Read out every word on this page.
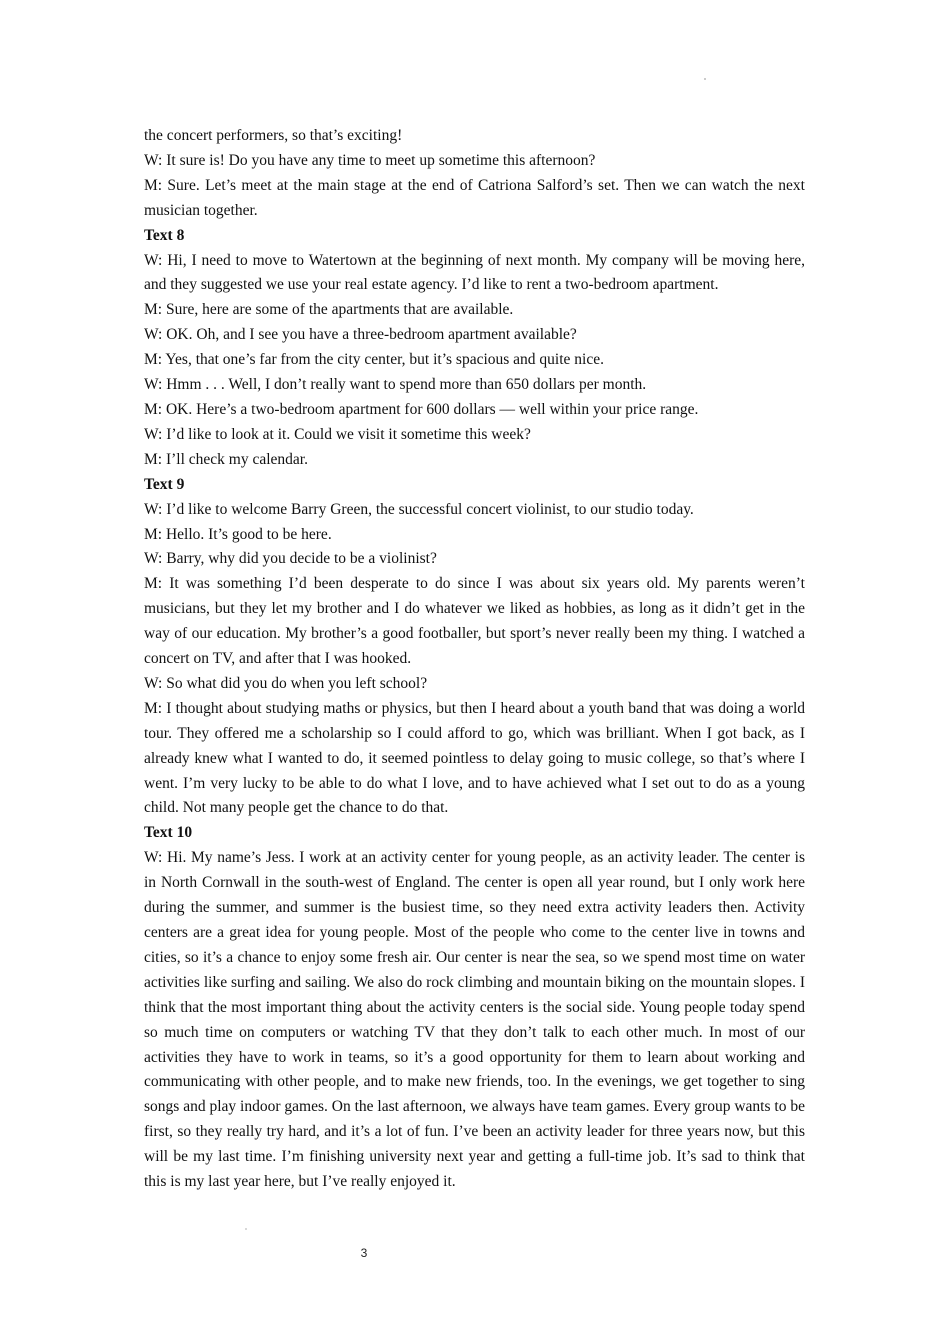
the concert performers, so that’s exciting!

W: It sure is! Do you have any time to meet up sometime this afternoon?

M: Sure. Let’s meet at the main stage at the end of Catriona Salford’s set. Then we can watch the next musician together.

Text 8

W: Hi, I need to move to Watertown at the beginning of next month. My company will be moving here, and they suggested we use your real estate agency. I’d like to rent a two-bedroom apartment.

M: Sure, here are some of the apartments that are available.

W: OK. Oh, and I see you have a three-bedroom apartment available?

M: Yes, that one’s far from the city center, but it’s spacious and quite nice.

W: Hmm . . . Well, I don’t really want to spend more than 650 dollars per month.

M: OK. Here’s a two-bedroom apartment for 600 dollars — well within your price range.

W: I’d like to look at it. Could we visit it sometime this week?

M: I’ll check my calendar.

Text 9

W: I’d like to welcome Barry Green, the successful concert violinist, to our studio today.

M: Hello. It’s good to be here.

W: Barry, why did you decide to be a violinist?

M: It was something I’d been desperate to do since I was about six years old. My parents weren’t musicians, but they let my brother and I do whatever we liked as hobbies, as long as it didn’t get in the way of our education. My brother’s a good footballer, but sport’s never really been my thing. I watched a concert on TV, and after that I was hooked.

W: So what did you do when you left school?

M: I thought about studying maths or physics, but then I heard about a youth band that was doing a world tour. They offered me a scholarship so I could afford to go, which was brilliant. When I got back, as I already knew what I wanted to do, it seemed pointless to delay going to music college, so that’s where I went. I’m very lucky to be able to do what I love, and to have achieved what I set out to do as a young child. Not many people get the chance to do that.

Text 10

W: Hi. My name’s Jess. I work at an activity center for young people, as an activity leader. The center is in North Cornwall in the south-west of England. The center is open all year round, but I only work here during the summer, and summer is the busiest time, so they need extra activity leaders then. Activity centers are a great idea for young people. Most of the people who come to the center live in towns and cities, so it’s a chance to enjoy some fresh air. Our center is near the sea, so we spend most time on water activities like surfing and sailing. We also do rock climbing and mountain biking on the mountain slopes. I think that the most important thing about the activity centers is the social side. Young people today spend so much time on computers or watching TV that they don’t talk to each other much. In most of our activities they have to work in teams, so it’s a good opportunity for them to learn about working and communicating with other people, and to make new friends, too. In the evenings, we get together to sing songs and play indoor games. On the last afternoon, we always have team games. Every group wants to be first, so they really try hard, and it’s a lot of fun. I’ve been an activity leader for three years now, but this will be my last time. I’m finishing university next year and getting a full-time job. It’s sad to think that this is my last year here, but I’ve really enjoyed it.

3
